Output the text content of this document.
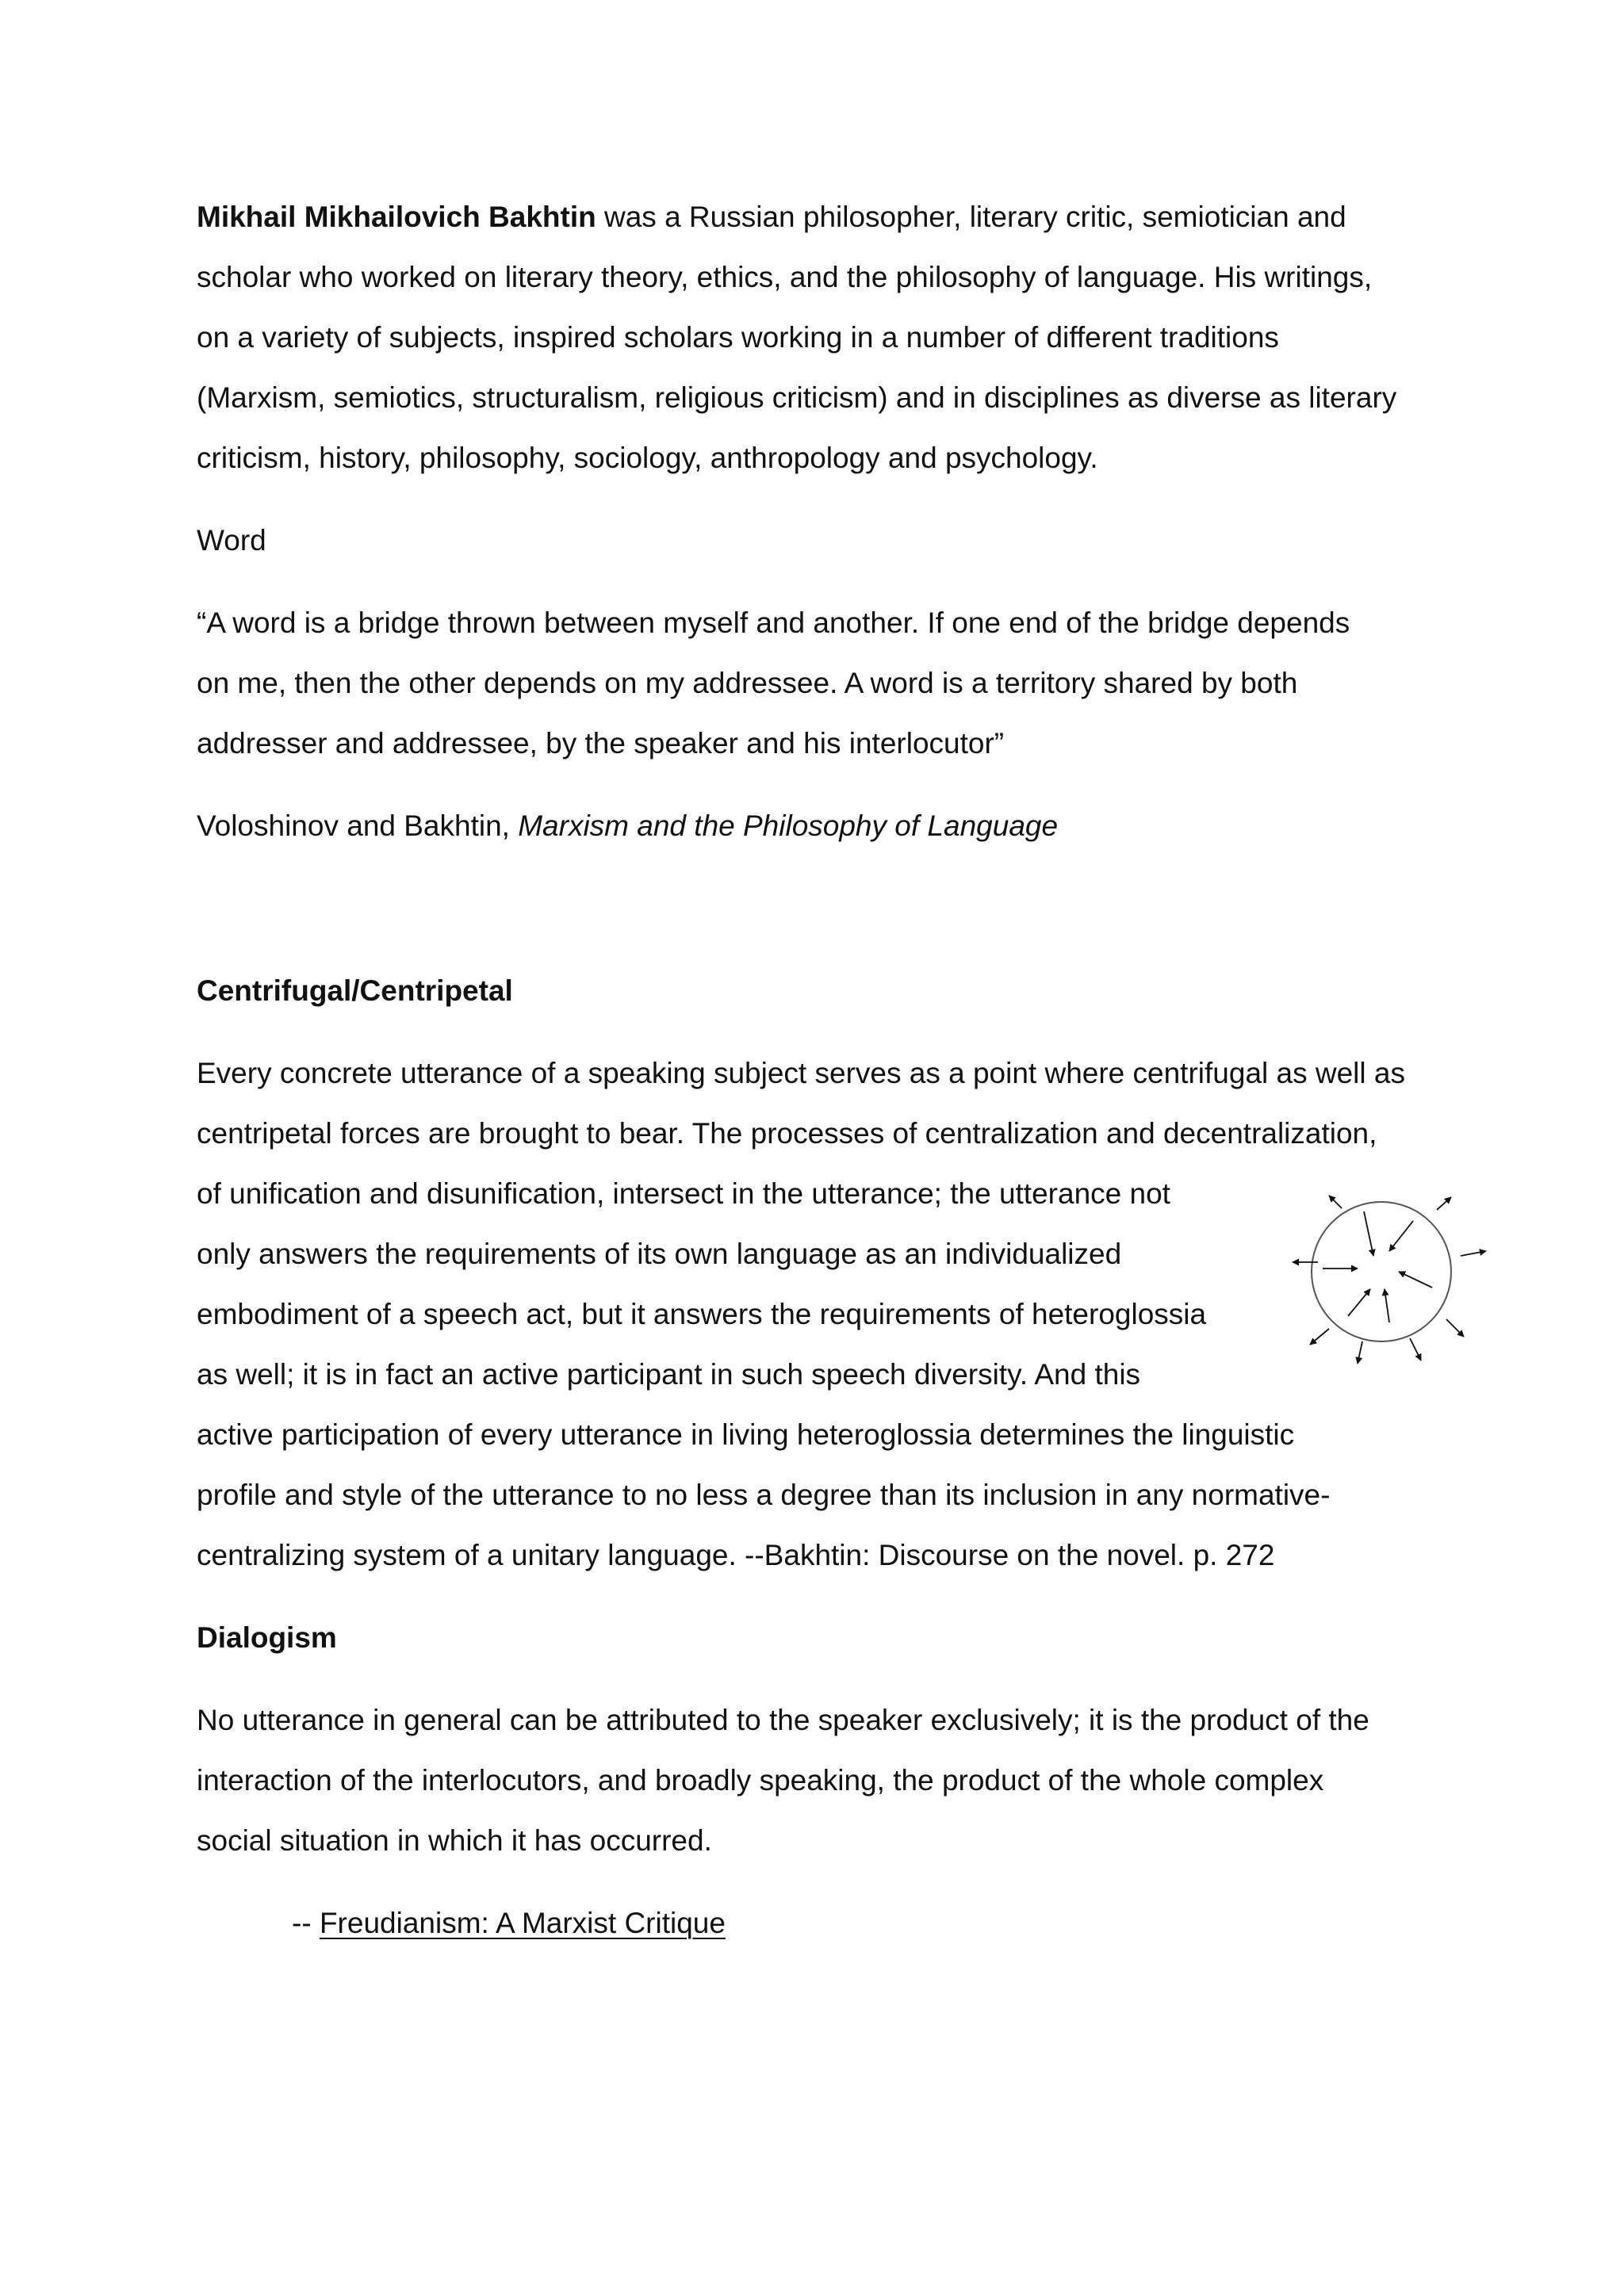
Mikhail Mikhailovich Bakhtin was a Russian philosopher, literary critic, semiotician and
scholar who worked on literary theory, ethics, and the philosophy of language. His writings,
on a variety of subjects, inspired scholars working in a number of different traditions
(Marxism, semiotics, structuralism, religious criticism) and in disciplines as diverse as literary
criticism, history, philosophy, sociology, anthropology and psychology.
Word
“A word is a bridge thrown between myself and another. If one end of the bridge depends
on me, then the other depends on my addressee. A word is a territory shared by both
addresser and addressee, by the speaker and his interlocutor”
Voloshinov and Bakhtin, Marxism and the Philosophy of Language
Centrifugal/Centripetal
Every concrete utterance of a speaking subject serves as a point where centrifugal as well as
centripetal forces are brought to bear. The processes of centralization and decentralization,
of unification and disunification, intersect in the utterance; the utterance not
only answers the requirements of its own language as an individualized
embodiment of a speech act, but it answers the requirements of heteroglossia
as well; it is in fact an active participant in such speech diversity. And this
active participation of every utterance in living heteroglossia determines the linguistic
profile and style of the utterance to no less a degree than its inclusion in any normative-
centralizing system of a unitary language. --Bakhtin: Discourse on the novel. p. 272
Dialogism
No utterance in general can be attributed to the speaker exclusively; it is the product of the
interaction of the interlocutors, and broadly speaking, the product of the whole complex
social situation in which it has occurred.
-- Freudianism: A Marxist Critique
